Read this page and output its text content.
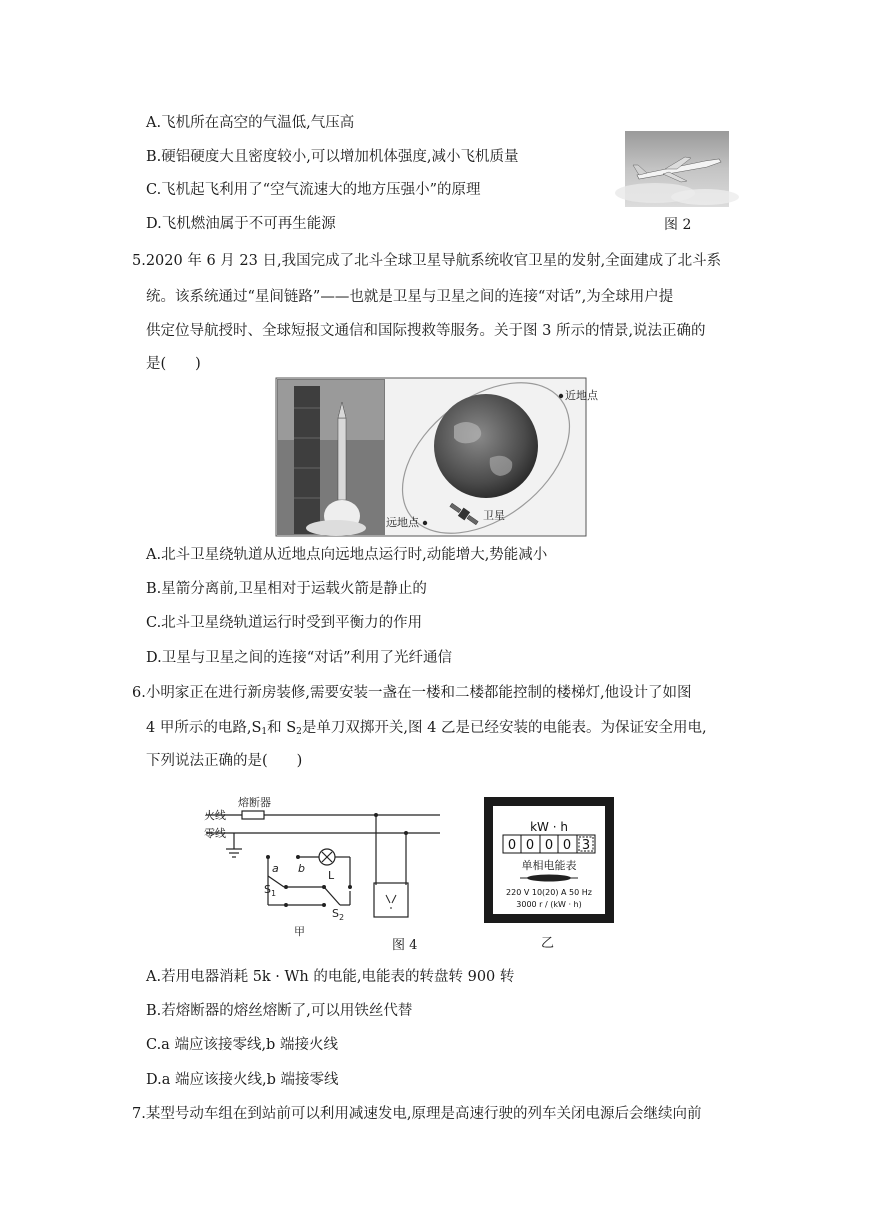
A.飞机所在高空的气温低,气压高
B.硬铝硬度大且密度较小,可以增加机体强度,减小飞机质量
C.飞机起飞利用了“空气流速大的地方压强小”的原理
D.飞机燃油属于不可再生能源	图 2
5.2020 年 6 月 23 日,我国完成了北斗全球卫星导航系统收官卫星的发射,全面建成了北斗系
统。该系统通过“星间链路”——也就是卫星与卫星之间的连接“对话”,为全球用户提
供定位导航授时、全球短报文通信和国际搜救等服务。关于图 3 所示的情景,说法正确的
是(　　)
近地点
远地点
卫星
A.北斗卫星绕轨道从近地点向远地点运行时,动能增大,势能减小
B.星箭分离前,卫星相对于运载火箭是静止的
C.北斗卫星绕轨道运行时受到平衡力的作用
D.卫星与卫星之间的连接“对话”利用了光纤通信
6.小明家正在进行新房装修,需要安装一盏在一楼和二楼都能控制的楼梯灯,他设计了如图
4 甲所示的电路$,S_1$和 $S_2$是单刀双掷开关,图 4 乙是已经安装的电能表。为保证安全用电,
下列说法正确的是(　　)
熔断器
火线
零线
a b
L
$S_1$
$S_2$
甲
图 4
kW · h
0 0 0 0 3
单相电能表
220 V 10(20) A 50 Hz
3000 r / (kW · h)
乙
A.若用电器消耗 5k · Wh 的电能,电能表的转盘转 900 转
B.若熔断器的熔丝熔断了,可以用铁丝代替
C.a 端应该接零线,b 端接火线
D.a 端应该接火线,b 端接零线
7.某型号动车组在到站前可以利用减速发电,原理是高速行驶的列车关闭电源后会继续向前
